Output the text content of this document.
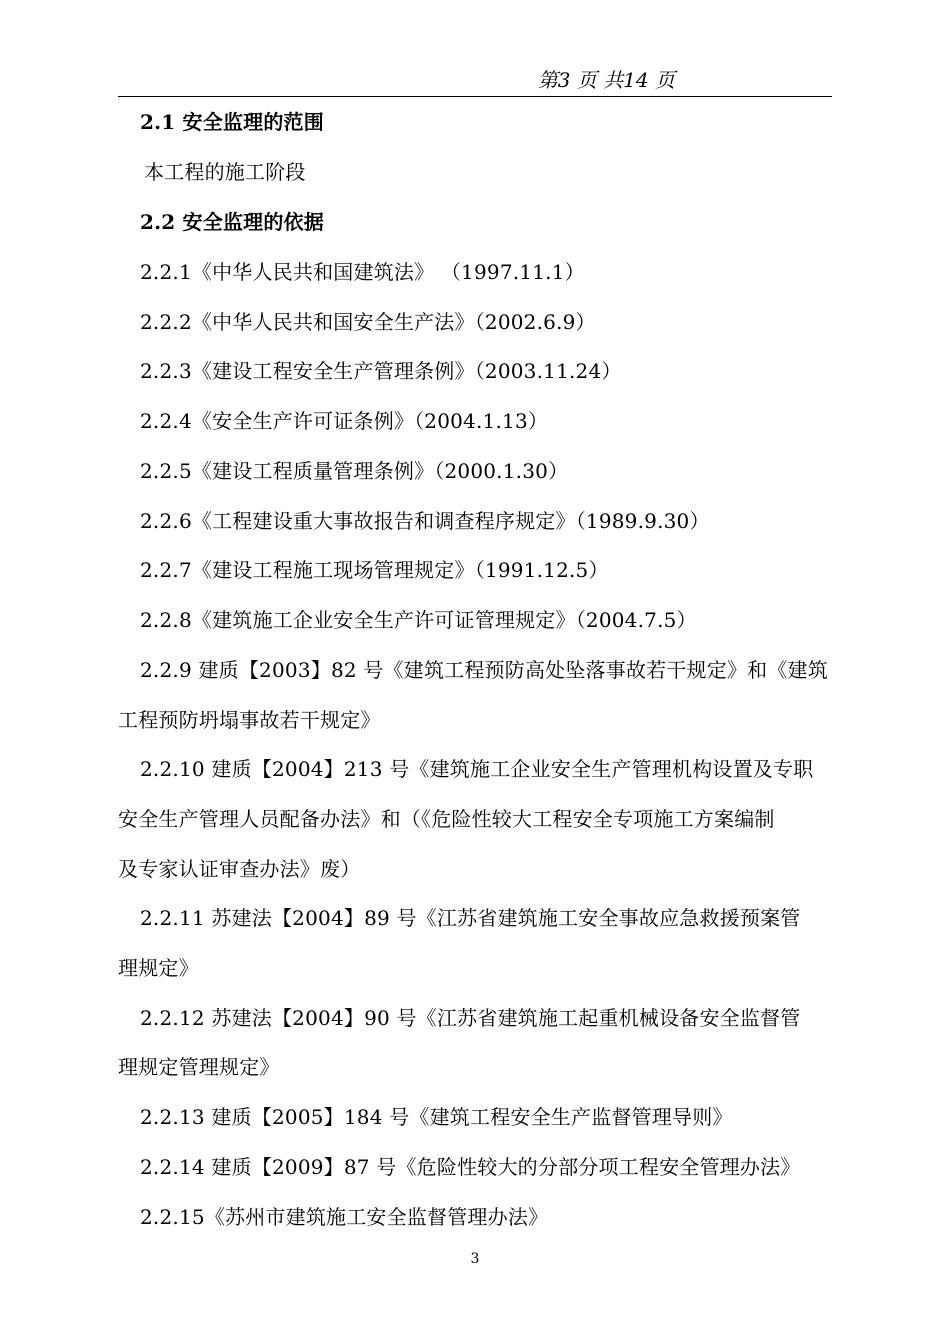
第3 页 共14 页
2.1 安全监理的范围
本工程的施工阶段
2.2 安全监理的依据
2.2.1《中华人民共和国建筑法》 （1997.11.1）
2.2.2《中华人民共和国安全生产法》（2002.6.9）
2.2.3《建设工程安全生产管理条例》（2003.11.24）
2.2.4《安全生产许可证条例》（2004.1.13）
2.2.5《建设工程质量管理条例》（2000.1.30）
2.2.6《工程建设重大事故报告和调查程序规定》（1989.9.30）
2.2.7《建设工程施工现场管理规定》（1991.12.5）
2.2.8《建筑施工企业安全生产许可证管理规定》（2004.7.5）
2.2.9 建质【2003】82 号《建筑工程预防高处坠落事故若干规定》和《建筑
工程预防坍塌事故若干规定》
2.2.10 建质【2004】213 号《建筑施工企业安全生产管理机构设置及专职
安全生产管理人员配备办法》和（《危险性较大工程安全专项施工方案编制
及专家认证审查办法》废）
2.2.11 苏建法【2004】89 号《江苏省建筑施工安全事故应急救援预案管
理规定》
2.2.12 苏建法【2004】90 号《江苏省建筑施工起重机械设备安全监督管
理规定管理规定》
2.2.13 建质【2005】184 号《建筑工程安全生产监督管理导则》
2.2.14 建质【2009】87 号《危险性较大的分部分项工程安全管理办法》
2.2.15《苏州市建筑施工安全监督管理办法》
3
